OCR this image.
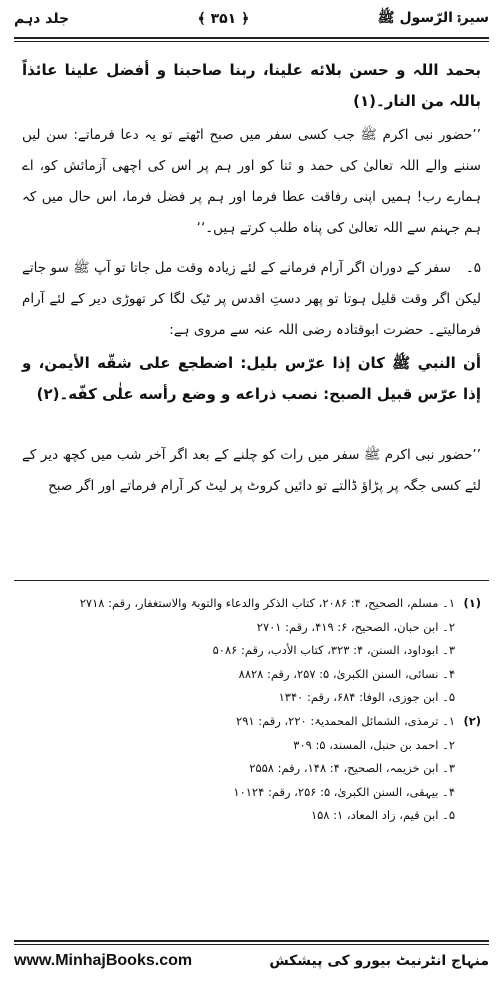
سیرۃ الرّسول ﷺ
﴿ ۳۵۱ ﴾
جلد دہم
بحمد اللہ و حسن بلائه علينا، ربنا صاحبنا و أفضل علينا عائذاً باللہ من النار۔(۱)
’’حضور نبی اکرم ﷺ جب کسی سفر میں صبح اٹھتے تو یہ دعا فرماتے: سن لیں سننے والے اللہ تعالیٰ کی حمد و ثنا کو اور ہم پر اس کی اچھی آزمائش کو، اے ہمارے رب! ہمیں اپنی رفاقت عطا فرما اور ہم پر فضل فرما، اس حال میں کہ ہم جہنم سے اللہ تعالیٰ کی پناہ طلب کرتے ہیں۔‘‘
۵۔سفر کے دوران اگر آرام فرمانے کے لئے زیادہ وقت مل جاتا تو آپ ﷺ سو جاتے لیکن اگر وقت قلیل ہوتا تو پھر دستِ اقدس پر ٹیک لگا کر تھوڑی دیر کے لئے آرام فرمالیتے۔ حضرت ابوقتادہ رضی اللہ عنہ سے مروی ہے:
أن النبي ﷺ كان إذا عرّس بليل: اضطجع على شقّه الأيمن، و إذا عرّس قبيل الصبح: نصب ذراعه و وضع رأسه علٰى كفّه۔(۲)
’’حضور نبی اکرم ﷺ سفر میں رات کو چلنے کے بعد اگر آخر شب میں کچھ دیر کے لئے کسی جگہ پر پڑاؤ ڈالتے تو دائیں کروٹ پر لیٹ کر آرام فرماتے اور اگر صبح
(۱)۱۔ مسلم، الصحیح، ۴: ۲۰۸۶، کتاب الذکر والدعاء والتوبۃ والاستغفار، رقم: ۲۷۱۸
۲۔ ابن حبان، الصحیح، ۶: ۴۱۹، رقم: ۲۷۰۱
۳۔ ابوداود، السنن، ۴: ۳۲۳، کتاب الأدب، رقم: ۵۰۸۶
۴۔ نسائی، السنن الکبریٰ، ۵: ۲۵۷، رقم: ۸۸۲۸
۵۔ ابن جوزی، الوفا: ۶۸۴، رقم: ۱۳۴۰
(۲)۱۔ ترمذی، الشمائل المحمدیۃ: ۲۲۰، رقم: ۲۹۱
۲۔ احمد بن حنبل، المسند، ۵: ۳۰۹
۳۔ ابن خزیمہ، الصحیح، ۴: ۱۴۸، رقم: ۲۵۵۸
۴۔ بیہقی، السنن الکبریٰ، ۵: ۲۵۶، رقم: ۱۰۱۲۴
۵۔ ابن قیم، زاد المعاد، ۱: ۱۵۸
www.MinhajBooks.com	منہاج انٹرنیٹ بیورو کی پیشکش
